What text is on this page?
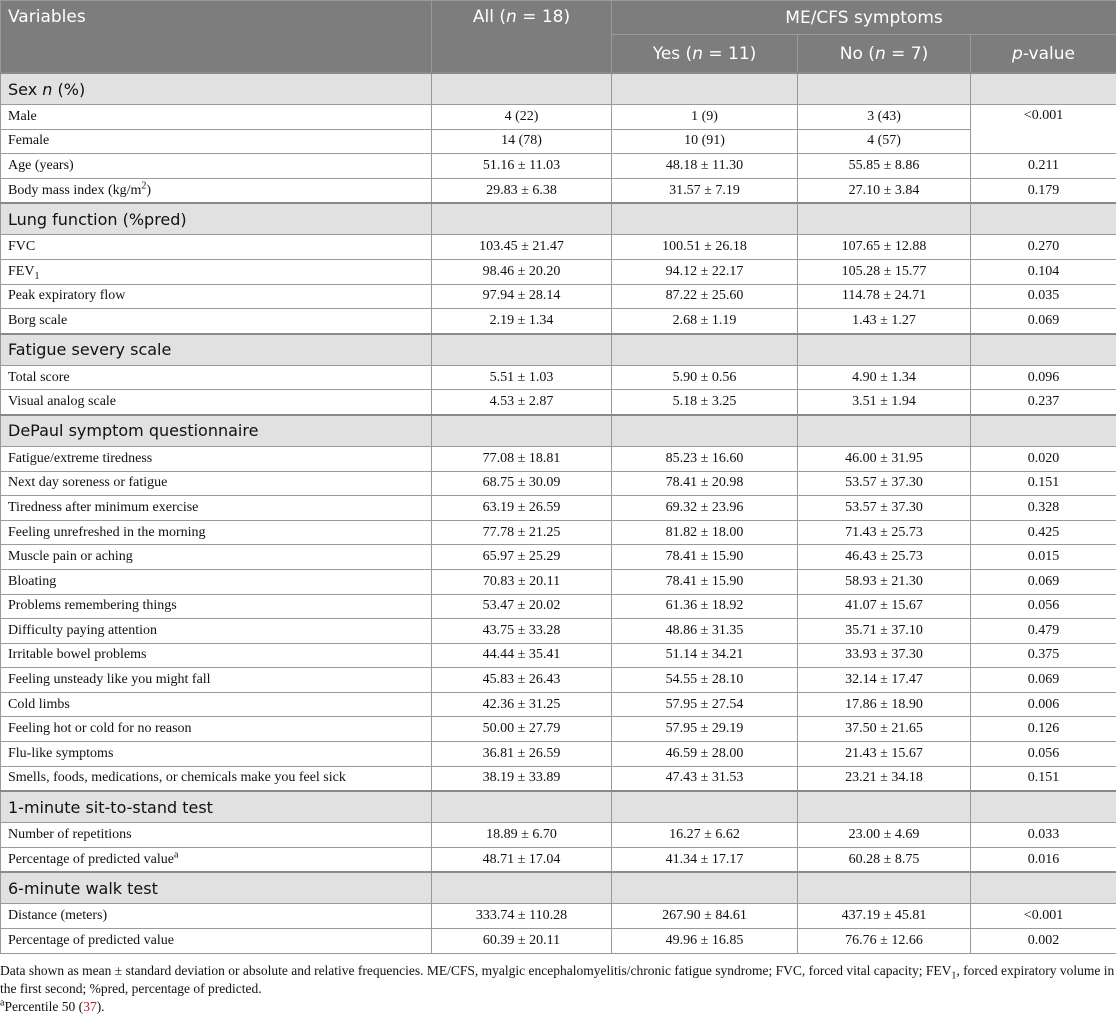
Variables	All (n = 18)	ME/CFS symptoms		
		Yes (n = 11)	No (n = 7)	p-value
Sex n (%)				
Male	4 (22)	1 (9)	3 (43)	<0.001
Female	14 (78)	10 (91)	4 (57)	
Age (years)	51.16 ± 11.03	48.18 ± 11.30	55.85 ± 8.86	0.211
Body mass index $(kg/m^2)$	29.83 ± 6.38	31.57 ± 7.19	27.10 ± 3.84	0.179
Lung function (%pred)				
FVC	103.45 ± 21.47	100.51 ± 26.18	107.65 ± 12.88	0.270
$FEV_1$	98.46 ± 20.20	94.12 ± 22.17	105.28 ± 15.77	0.104
Peak expiratory flow	97.94 ± 28.14	87.22 ± 25.60	114.78 ± 24.71	0.035
Borg scale	2.19 ± 1.34	2.68 ± 1.19	1.43 ± 1.27	0.069
Fatigue severy scale				
Total score	5.51 ± 1.03	5.90 ± 0.56	4.90 ± 1.34	0.096
Visual analog scale	4.53 ± 2.87	5.18 ± 3.25	3.51 ± 1.94	0.237
DePaul symptom questionnaire				
Fatigue/extreme tiredness	77.08 ± 18.81	85.23 ± 16.60	46.00 ± 31.95	0.020
Next day soreness or fatigue	68.75 ± 30.09	78.41 ± 20.98	53.57 ± 37.30	0.151
Tiredness after minimum exercise	63.19 ± 26.59	69.32 ± 23.96	53.57 ± 37.30	0.328
Feeling unrefreshed in the morning	77.78 ± 21.25	81.82 ± 18.00	71.43 ± 25.73	0.425
Muscle pain or aching	65.97 ± 25.29	78.41 ± 15.90	46.43 ± 25.73	0.015
Bloating	70.83 ± 20.11	78.41 ± 15.90	58.93 ± 21.30	0.069
Problems remembering things	53.47 ± 20.02	61.36 ± 18.92	41.07 ± 15.67	0.056
Difficulty paying attention	43.75 ± 33.28	48.86 ± 31.35	35.71 ± 37.10	0.479
Irritable bowel problems	44.44 ± 35.41	51.14 ± 34.21	33.93 ± 37.30	0.375
Feeling unsteady like you might fall	45.83 ± 26.43	54.55 ± 28.10	32.14 ± 17.47	0.069
Cold limbs	42.36 ± 31.25	57.95 ± 27.54	17.86 ± 18.90	0.006
Feeling hot or cold for no reason	50.00 ± 27.79	57.95 ± 29.19	37.50 ± 21.65	0.126
Flu-like symptoms	36.81 ± 26.59	46.59 ± 28.00	21.43 ± 15.67	0.056
Smells, foods, medications, or chemicals make you feel sick	38.19 ± 33.89	47.43 ± 31.53	23.21 ± 34.18	0.151
1-minute sit-to-stand test				
Number of repetitions	18.89 ± 6.70	16.27 ± 6.62	23.00 ± 4.69	0.033
Percentage of predicted value$^a$	48.71 ± 17.04	41.34 ± 17.17	60.28 ± 8.75	0.016
6-minute walk test				
Distance (meters)	333.74 ± 110.28	267.90 ± 84.61	437.19 ± 45.81	<0.001
Percentage of predicted value	60.39 ± 20.11	49.96 ± 16.85	76.76 ± 12.66	0.002

Data shown as mean ± standard deviation or absolute and relative frequencies. ME/CFS, myalgic encephalomyelitis/chronic fatigue syndrome; FVC, forced vital capacity; $FEV_1$, forced expiratory volume in the first second; %pred, percentage of predicted.

$^a$Percentile 50 (37).
